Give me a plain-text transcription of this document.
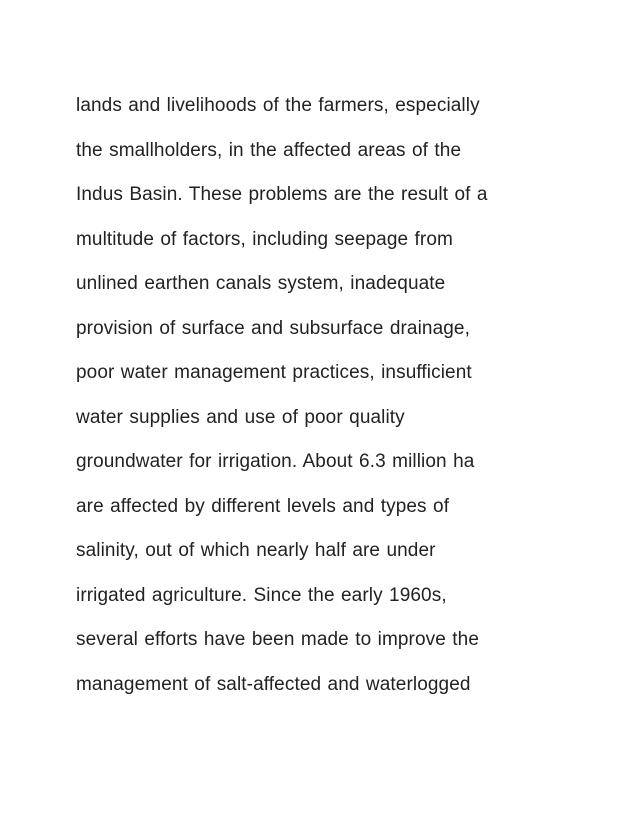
lands and livelihoods of the farmers, especially
the smallholders, in the affected areas of the
Indus Basin. These problems are the result of a
multitude of factors, including seepage from
unlined earthen canals system, inadequate
provision of surface and subsurface drainage,
poor water management practices, insufficient
water supplies and use of poor quality
groundwater for irrigation. About 6.3 million ha
are affected by different levels and types of
salinity, out of which nearly half are under
irrigated agriculture. Since the early 1960s,
several efforts have been made to improve the
management of salt-affected and waterlogged
